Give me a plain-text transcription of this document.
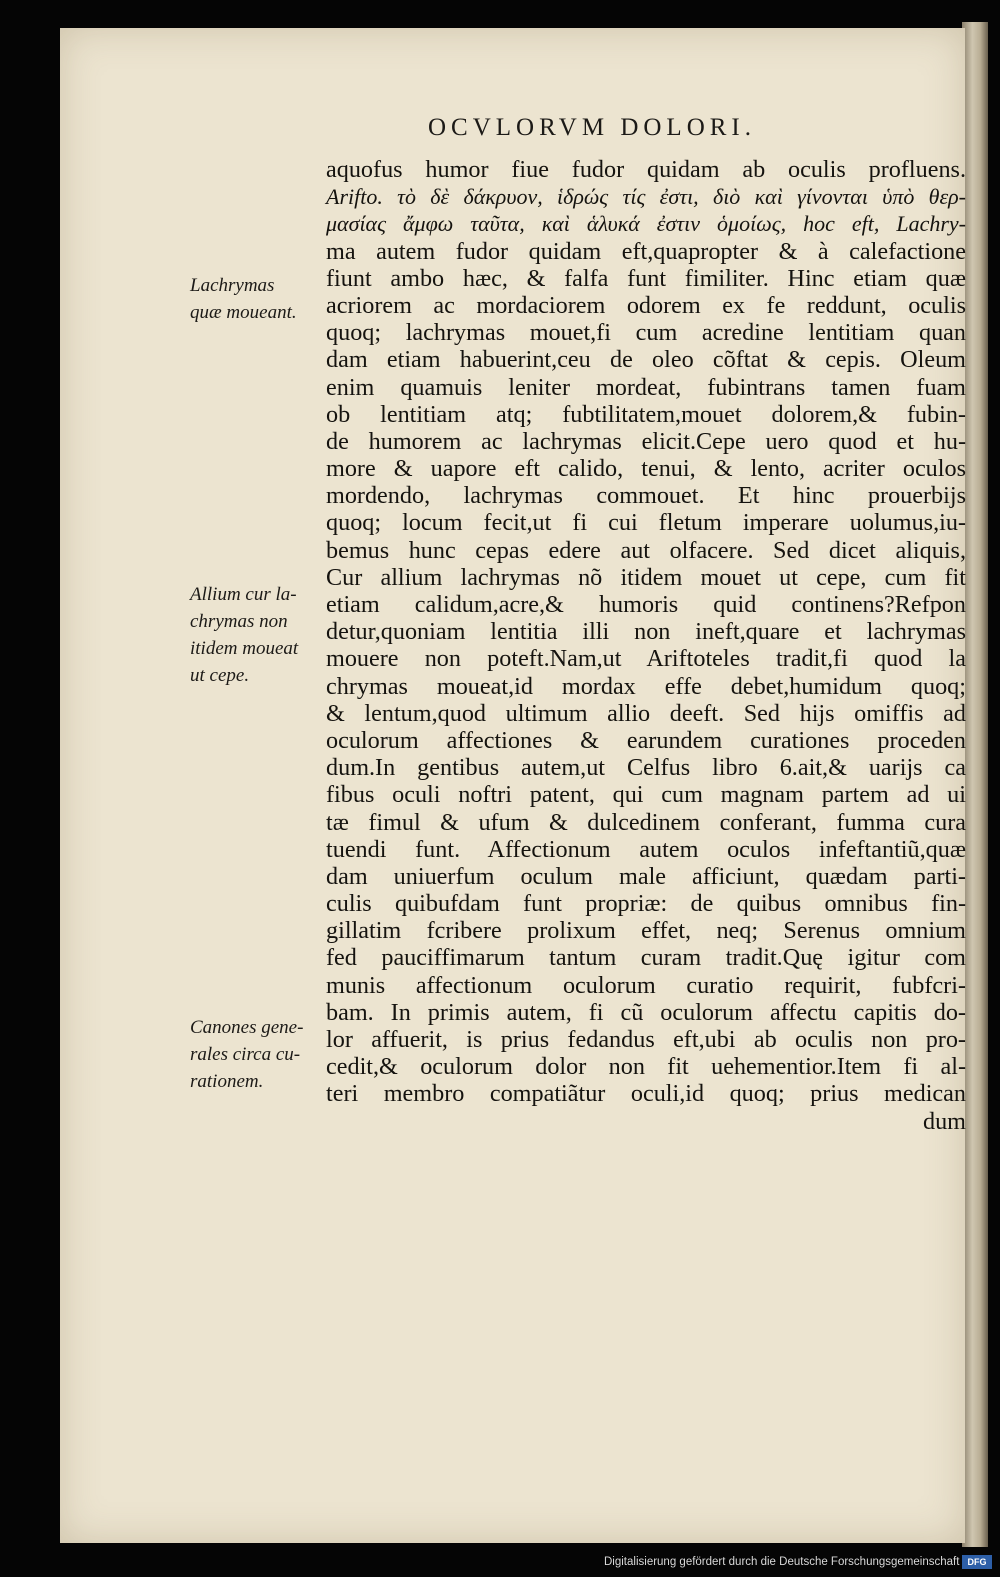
OCVLORVM DOLORI.
aquofus humor fiue fudor quidam ab oculis profluens.
Arifto. τὸ δὲ δάκρυον, ἱδρώς τίς ἐστι, διὸ καὶ γίνονται ὑπὸ θερ-
μασίας ἄμφω ταῦτα, καὶ ἁλυκά ἐστιν ὁμοίως, hoc eft, Lachry-
ma autem fudor quidam eft,quapropter & à calefactione
fiunt ambo hæc, & falfa funt fimiliter. Hinc etiam quæ
acriorem ac mordaciorem odorem ex fe reddunt, oculis
quoq; lachrymas mouet,fi cum acredine lentitiam quan
dam etiam habuerint,ceu de oleo cõftat & cepis. Oleum
enim quamuis leniter mordeat, fubintrans tamen fuam
ob lentitiam atq; fubtilitatem,mouet dolorem,& fubin-
de humorem ac lachrymas elicit.Cepe uero quod et hu-
more & uapore eft calido, tenui, & lento, acriter oculos
mordendo, lachrymas commouet. Et hinc prouerbijs
quoq; locum fecit,ut fi cui fletum imperare uolumus,iu-
bemus hunc cepas edere aut olfacere. Sed dicet aliquis,
Cur allium lachrymas nõ itidem mouet ut cepe, cum fit
etiam calidum,acre,& humoris quid continens?Refpon
detur,quoniam lentitia illi non ineft,quare et lachrymas
mouere non poteft.Nam,ut Ariftoteles tradit,fi quod la
chrymas moueat,id mordax effe debet,humidum quoq;
& lentum,quod ultimum allio deeft. Sed hijs omiffis ad
oculorum affectiones & earundem curationes proceden
dum.In gentibus autem,ut Celfus libro 6.ait,& uarijs ca
fibus oculi noftri patent, qui cum magnam partem ad ui
tæ fimul & ufum & dulcedinem conferant, fumma cura
tuendi funt. Affectionum autem oculos infeftantiũ,quæ
dam uniuerfum oculum male afficiunt, quædam parti-
culis quibufdam funt propriæ: de quibus omnibus fin-
gillatim fcribere prolixum effet, neq; Serenus omnium
fed pauciffimarum tantum curam tradit.Quę igitur com
munis affectionum oculorum curatio requirit, fubfcri-
bam. In primis autem, fi cũ oculorum affectu capitis do-
lor affuerit, is prius fedandus eft,ubi ab oculis non pro-
cedit,& oculorum dolor non fit uehementior.Item fi al-
teri membro compatiãtur oculi,id quoq; prius medican
dum
Lachrymas
quæ moueant.
Allium cur la-
chrymas non
itidem moueat
ut cepe.
Canones gene-
rales circa cu-
rationem.
Digitalisierung gefördert durch die Deutsche Forschungsgemeinschaft DFG
